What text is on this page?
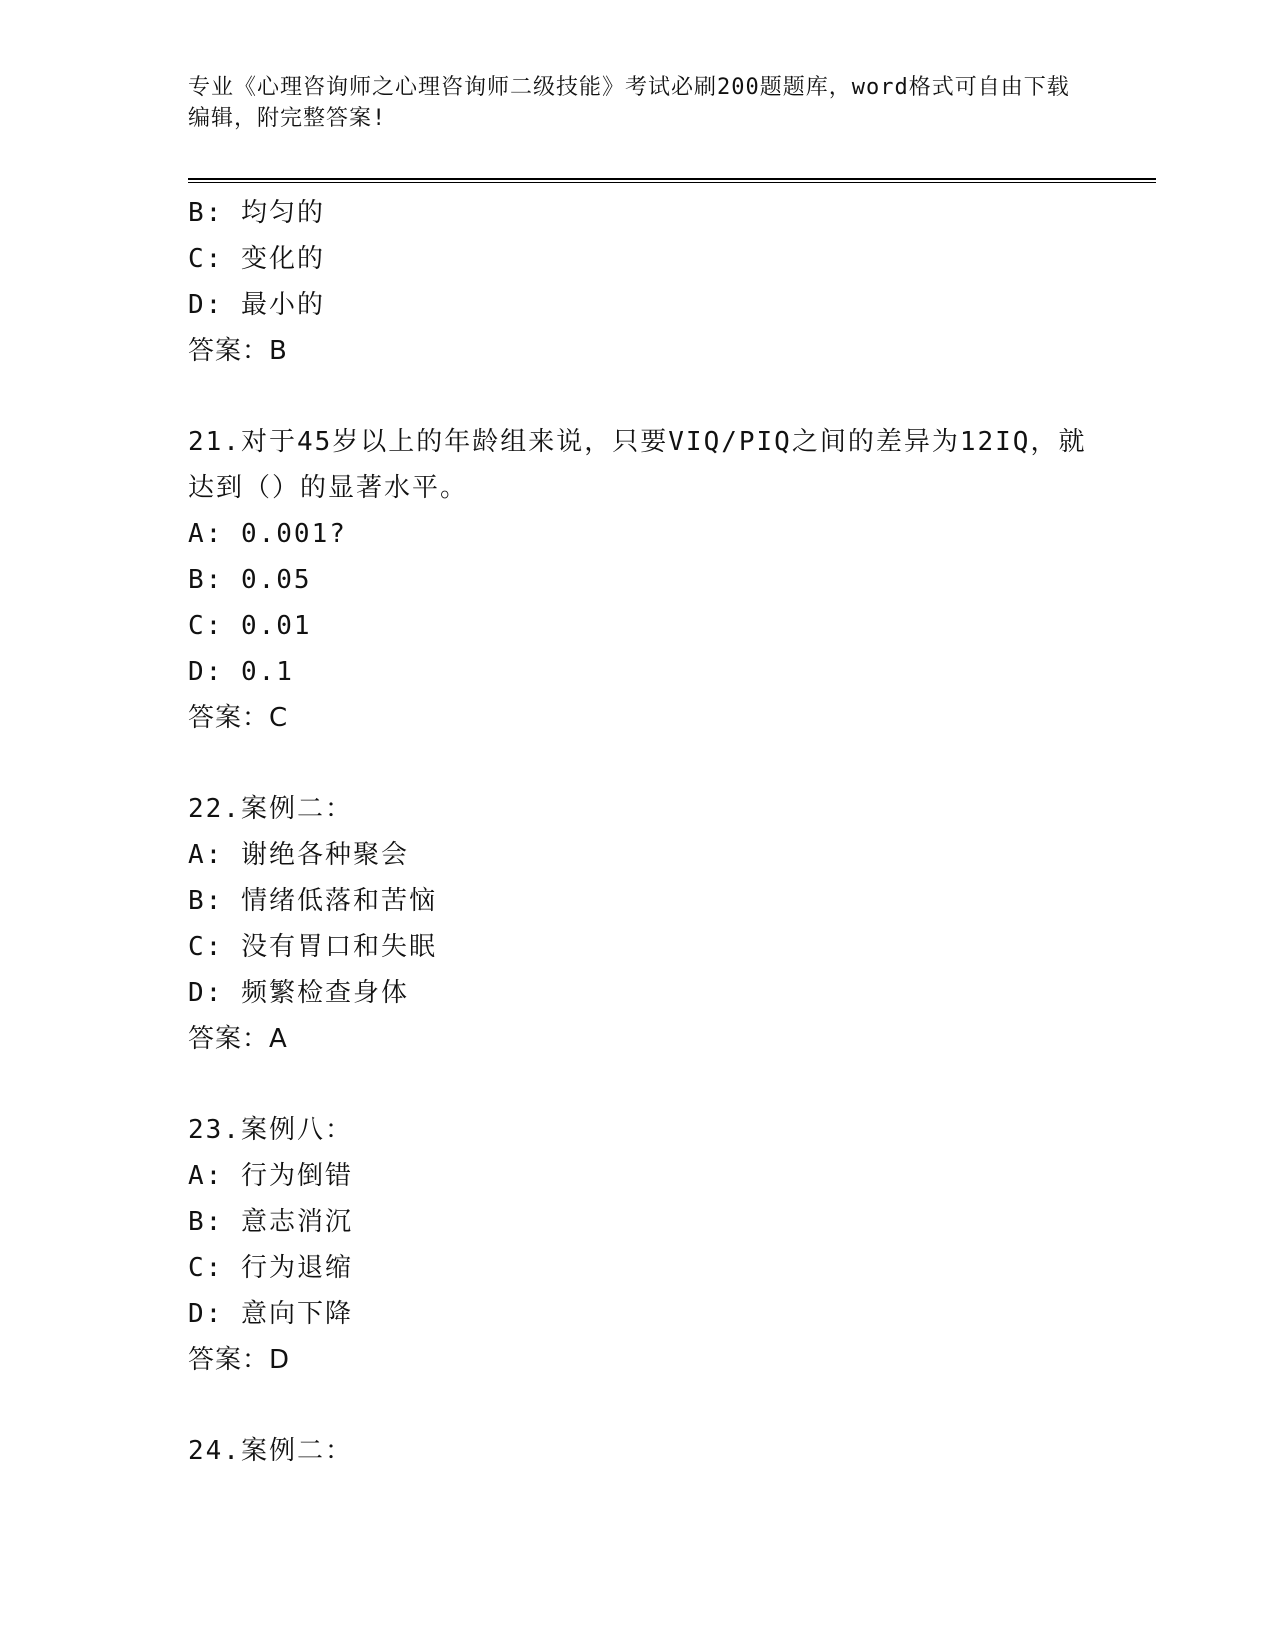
专业《心理咨询师之心理咨询师二级技能》考试必刷200题题库，word格式可自由下载编辑，附完整答案!
B: 均匀的
C: 变化的
D: 最小的
答案：B
21.对于45岁以上的年龄组来说，只要VIQ/PIQ之间的差异为12IQ，就达到（）的显著水平。
A: 0.001?
B: 0.05
C: 0.01
D: 0.1
答案：C
22.案例二：
A: 谢绝各种聚会
B: 情绪低落和苦恼
C: 没有胃口和失眠
D: 频繁检查身体
答案：A
23.案例八：
A: 行为倒错
B: 意志消沉
C: 行为退缩
D: 意向下降
答案：D
24.案例二：
